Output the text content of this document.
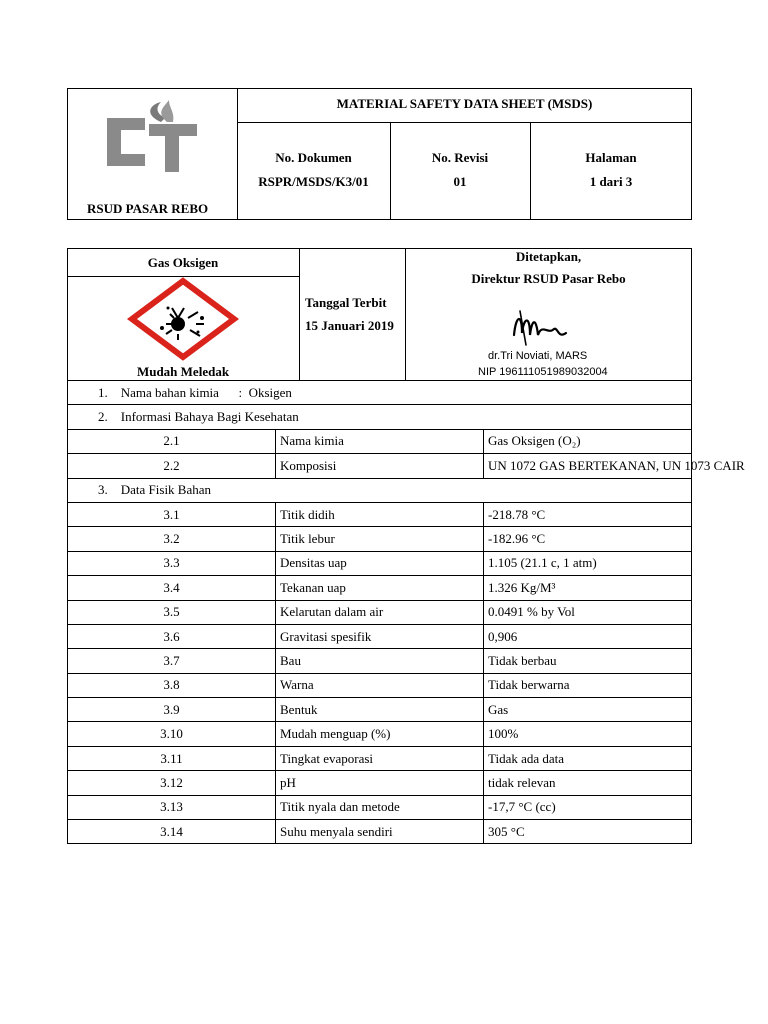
RSUD PASAR REBO
MATERIAL SAFETY DATA SHEET (MSDS)
No. Dokumen
RSPR/MSDS/K3/01
No. Revisi
01
Halaman
1 dari 3
Gas Oksigen
Mudah Meledak
Tanggal Terbit
15 Januari 2019
Ditetapkan,
Direktur RSUD Pasar Rebo
dr.Tri Noviati, MARS
NIP 196111051989032004
1. Nama bahan kimia : Oksigen		
2. Informasi Bahaya Bagi Kesehatan		
2.1	Nama kimia	Gas Oksigen (O₂)
2.2	Komposisi	UN 1072 GAS BERTEKANAN, UN 1073 CAIR
3. Data Fisik Bahan		
3.1	Titik didih	-218.78 °C
3.2	Titik lebur	-182.96 °C
3.3	Densitas uap	1.105 (21.1 c, 1 atm)
3.4	Tekanan uap	1.326 Kg/M³
3.5	Kelarutan dalam air	0.0491 % by Vol
3.6	Gravitasi spesifik	0,906
3.7	Bau	Tidak berbau
3.8	Warna	Tidak berwarna
3.9	Bentuk	Gas
3.10	Mudah menguap (%)	100%
3.11	Tingkat evaporasi	Tidak ada data
3.12	pH	tidak relevan
3.13	Titik nyala dan metode	-17,7 °C (cc)
3.14	Suhu menyala sendiri	305 °C
